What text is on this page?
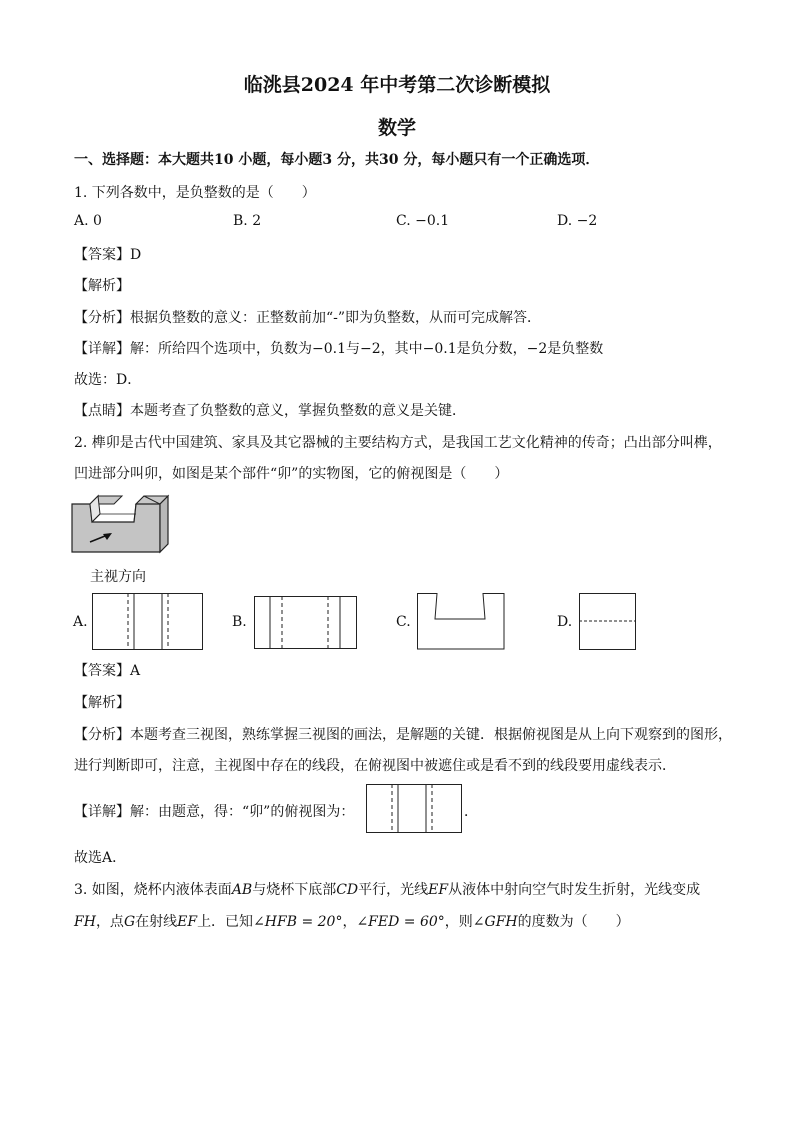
临洮县2024 年中考第二次诊断模拟
数学
一、选择题：本大题共10 小题，每小题3 分，共30 分，每小题只有一个正确选项．
1. 下列各数中，是负整数的是（　　）
A. 0	B. 2	C. −0.1	D. −2
【答案】D
【解析】
【分析】根据负整数的意义：正整数前加“-”即为负整数，从而可完成解答．
【详解】解：所给四个选项中，负数为−0.1与−2，其中−0.1是负分数，−2是负整数
故选：D．
【点睛】本题考查了负整数的意义，掌握负整数的意义是关键．
2. 榫卯是古代中国建筑、家具及其它器械的主要结构方式，是我国工艺文化精神的传奇；凸出部分叫榫，
凹进部分叫卯，如图是某个部件“卯”的实物图，它的俯视图是（　　）
主视方向
A.	B.	C.	D.
【答案】A
【解析】
【分析】本题考查三视图，熟练掌握三视图的画法，是解题的关键．根据俯视图是从上向下观察到的图形，
进行判断即可，注意，主视图中存在的线段，在俯视图中被遮住或是看不到的线段要用虚线表示．
【详解】解：由题意，得：“卯”的俯视图为：	．
故选A．
3. 如图，烧杯内液体表面AB与烧杯下底部CD平行，光线EF从液体中射向空气时发生折射，光线变成
FH，点G在射线EF上．已知∠HFB = 20°，∠FED = 60°，则∠GFH的度数为（　　）
